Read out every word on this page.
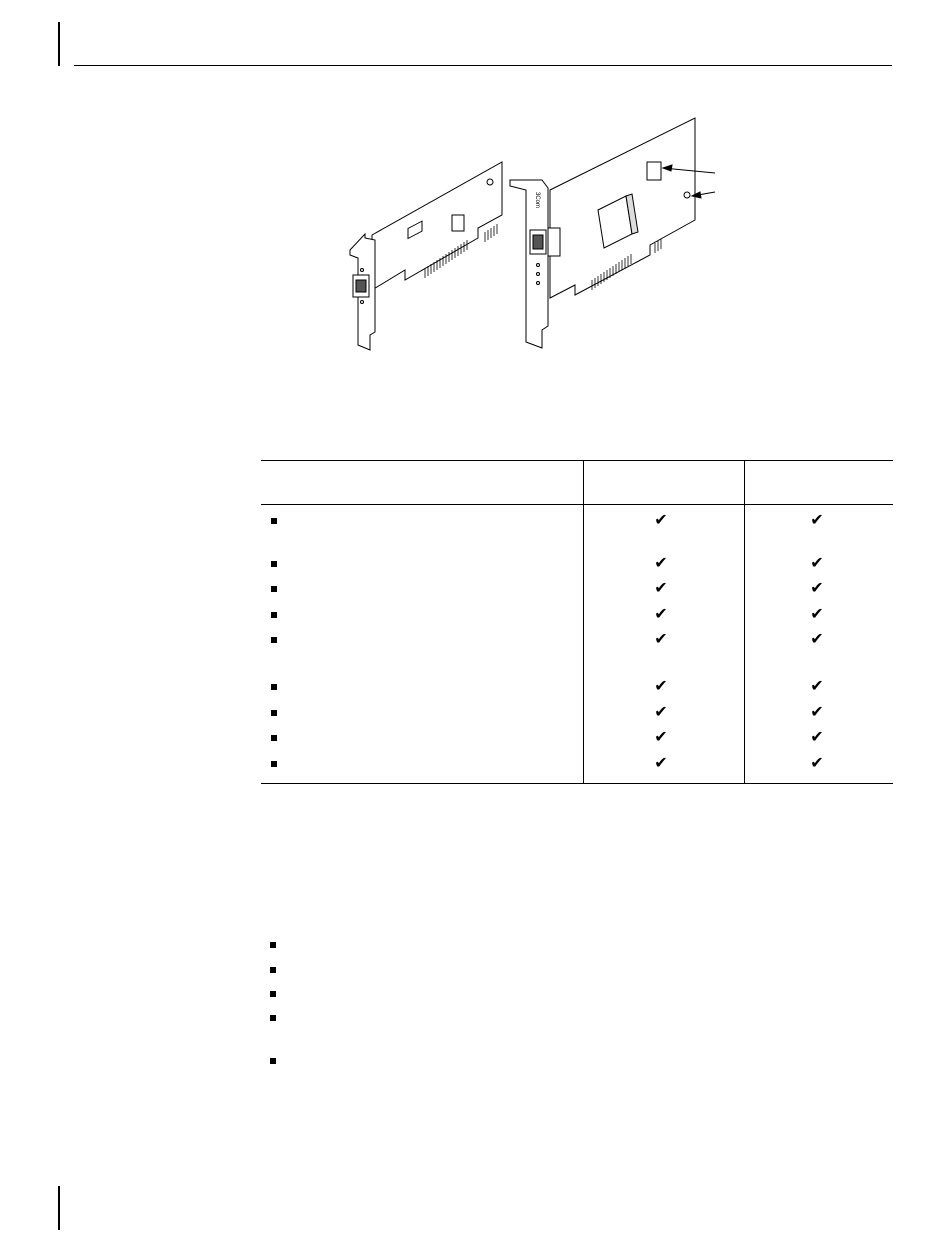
3Com
✔	✔
✔	✔
✔	✔
✔	✔
✔	✔
✔	✔
✔	✔
✔	✔
✔	✔
